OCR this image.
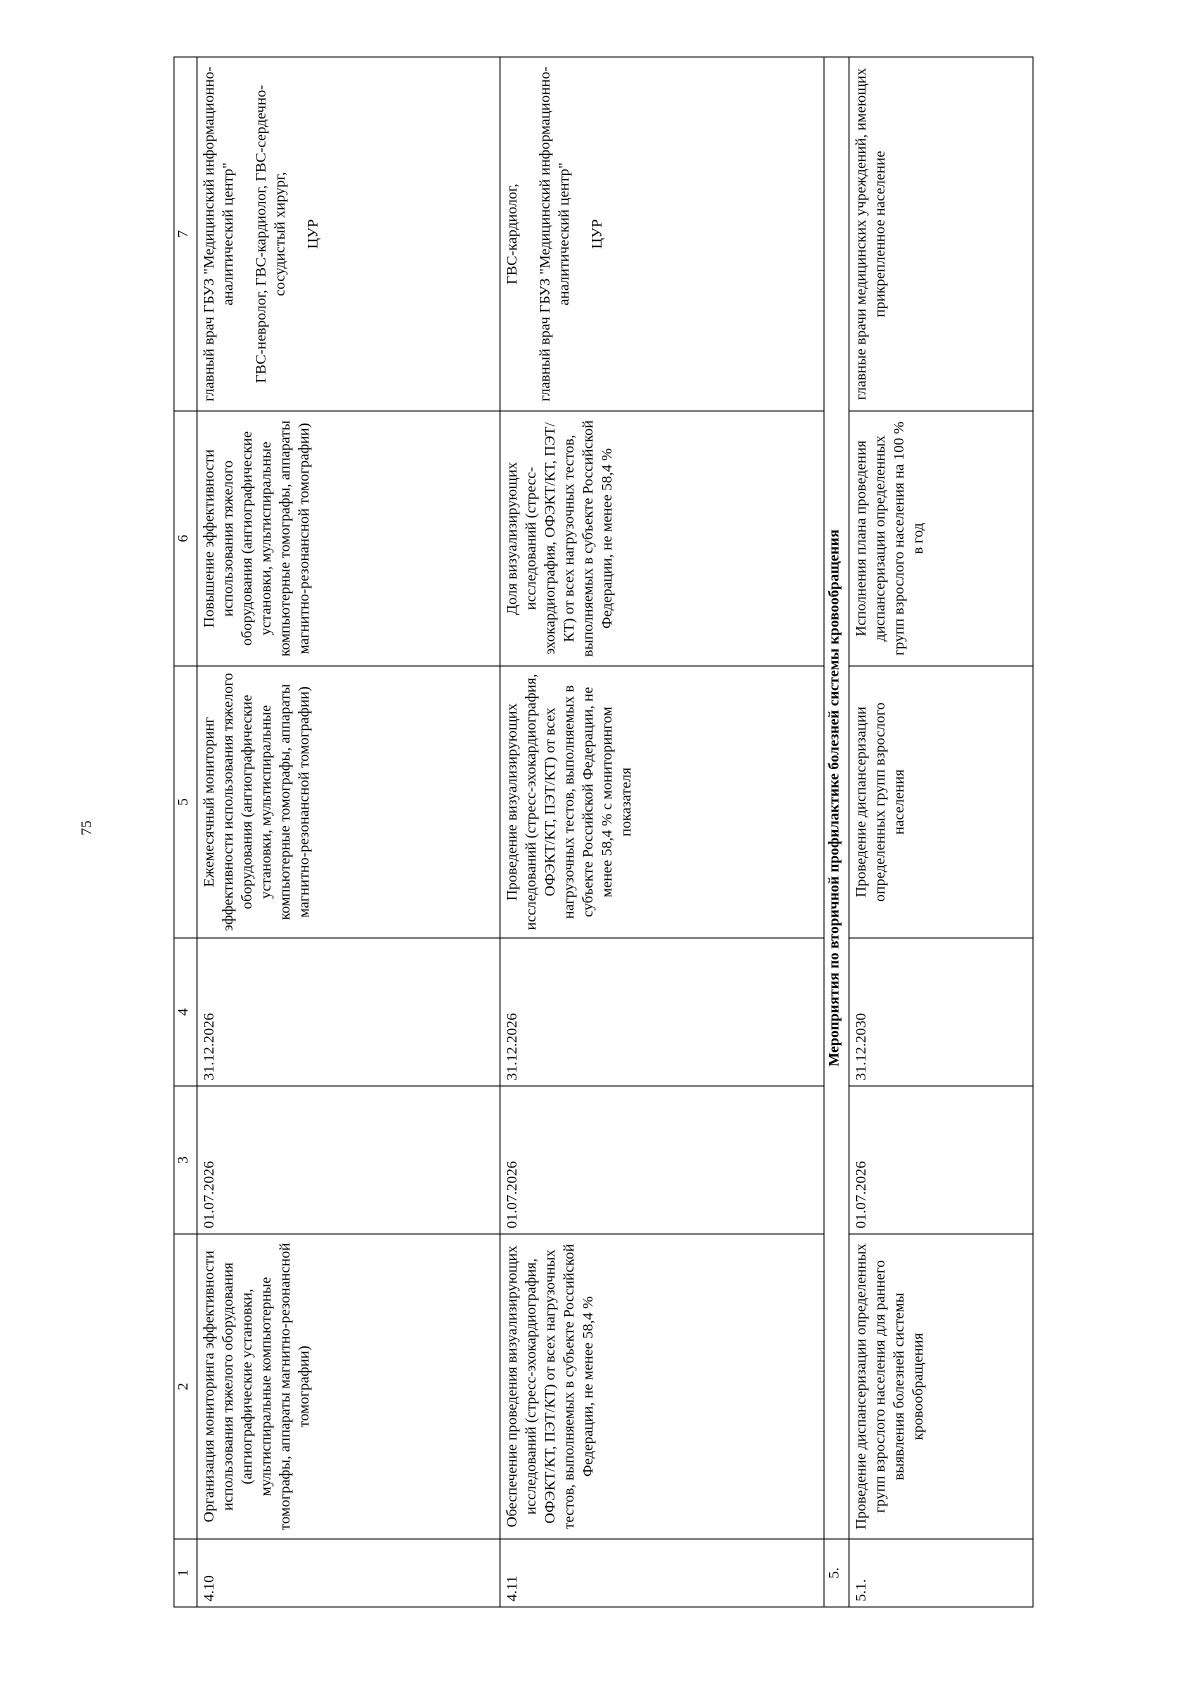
75
1	2	3	4	5	6	7
4.10	Организация мониторинга эффективности использования тяжелого оборудования (ангиографические установки, мультиспиральные компьютерные томографы, аппараты магнитно-резонансной томографии)	01.07.2026	31.12.2026	Ежемесячный мониторинг эффективности использования тяжелого оборудования (ангиографические установки, мультиспиральные компьютерные томографы, аппараты магнитно-резонансной томографии)	Повышение эффективности использования тяжелого оборудования (ангиографические установки, мультиспиральные компьютерные томографы, аппараты магнитно-резонансной томографии)	главный врач ГБУЗ "Медицинский информационно-аналитический центр" ГВС-невролог, ГВС-кардиолог, ГВС-сердечно-сосудистый хирург, ЦУР

4.11	Обеспечение проведения визуализирующих исследований (стресс-эхокардиография, ОФЭКТ/КТ, ПЭТ/КТ) от всех нагрузочных тестов, выполняемых в субъекте Российской Федерации, не менее 58,4 %	01.07.2026	31.12.2026	Проведение визуализирующих исследований (стресс-эхокардиография, ОФЭКТ/КТ, ПЭТ/КТ) от всех нагрузочных тестов, выполняемых в субъекте Российской Федерации, не менее 58,4 % с мониторингом показателя	Доля визуализирующих исследований (стресс-эхокардиография, ОФЭКТ/КТ, ПЭТ/КТ) от всех нагрузочных тестов, выполняемых в субъекте Российской Федерации, не менее 58,4 %	ГВС-кардиолог, главный врач ГБУЗ "Медицинский информационно-аналитический центр" ЦУР

5.	Мероприятия по вторичной профилактике болезней системы кровообращения					
5.1.	Проведение диспансеризации определенных групп взрослого населения для раннего выявления болезней системы кровообращения	01.07.2026	31.12.2030	Проведение диспансеризации определенных групп взрослого населения	Исполнения плана проведения диспансеризации определенных групп взрослого населения на 100 % в год	главные врачи медицинских учреждений, имеющих прикрепленное население
